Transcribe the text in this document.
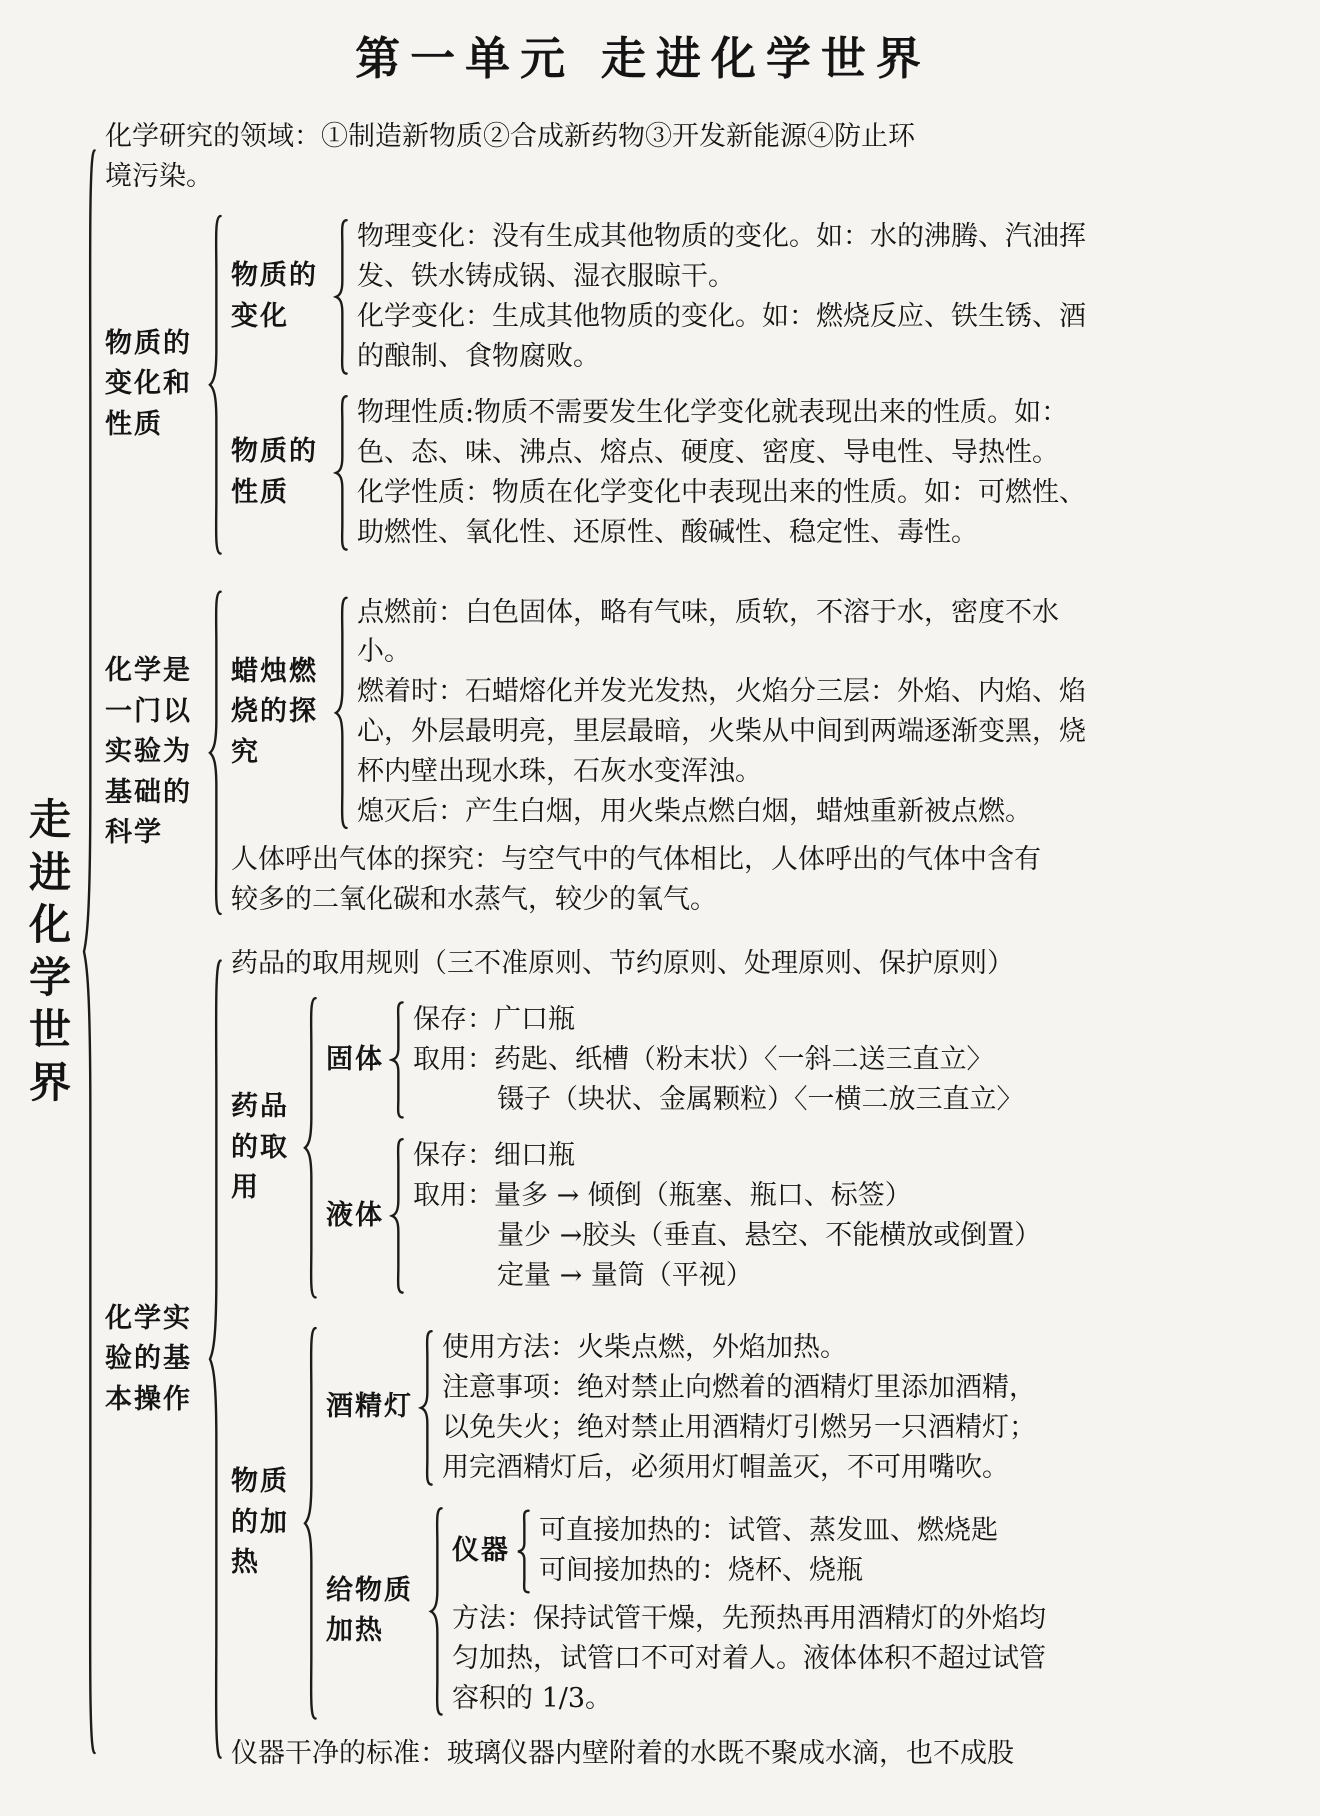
第一单元 走进化学世界
走进化学世界

化学研究的领域：①制造新物质②合成新药物③开发新能源④防止环境污染。

物质的变化和性质
物质的变化

物理变化：没有生成其他物质的变化。如：水的沸腾、汽油挥发、铁水铸成锅、湿衣服晾干。

化学变化：生成其他物质的变化。如：燃烧反应、铁生锈、酒的酿制、食物腐败。

物质的性质

物理性质:物质不需要发生化学变化就表现出来的性质。如：色、态、味、沸点、熔点、硬度、密度、导电性、导热性。

化学性质：物质在化学变化中表现出来的性质。如：可燃性、助燃性、氧化性、还原性、酸碱性、稳定性、毒性。

化学是一门以实验为基础的科学
蜡烛燃烧的探究

点燃前：白色固体，略有气味，质软，不溶于水，密度不水小。

燃着时：石蜡熔化并发光发热，火焰分三层：外焰、内焰、焰心，外层最明亮，里层最暗，火柴从中间到两端逐渐变黑，烧杯内壁出现水珠，石灰水变浑浊。

熄灭后：产生白烟，用火柴点燃白烟，蜡烛重新被点燃。

人体呼出气体的探究：与空气中的气体相比，人体呼出的气体中含有较多的二氧化碳和水蒸气，较少的氧气。

化学实验的基本操作

药品的取用规则（三不准原则、节约原则、处理原则、保护原则）

药品的取用
固体

保存：广口瓶

取用：药匙、纸槽（粉末状）〈一斜二送三直立〉

镊子（块状、金属颗粒）〈一横二放三直立〉

液体

保存：细口瓶

取用：量多 → 倾倒（瓶塞、瓶口、标签）

量少 →胶头（垂直、悬空、不能横放或倒置）

定量 → 量筒（平视）

物质的加热
酒精灯

使用方法：火柴点燃，外焰加热。

注意事项：绝对禁止向燃着的酒精灯里添加酒精，以免失火；绝对禁止用酒精灯引燃另一只酒精灯；用完酒精灯后，必须用灯帽盖灭，不可用嘴吹。

给物质加热
仪器

可直接加热的：试管、蒸发皿、燃烧匙

可间接加热的：烧杯、烧瓶

方法：保持试管干燥，先预热再用酒精灯的外焰均匀加热，试管口不可对着人。液体体积不超过试管容积的 1/3。

仪器干净的标准：玻璃仪器内壁附着的水既不聚成水滴，也不成股
